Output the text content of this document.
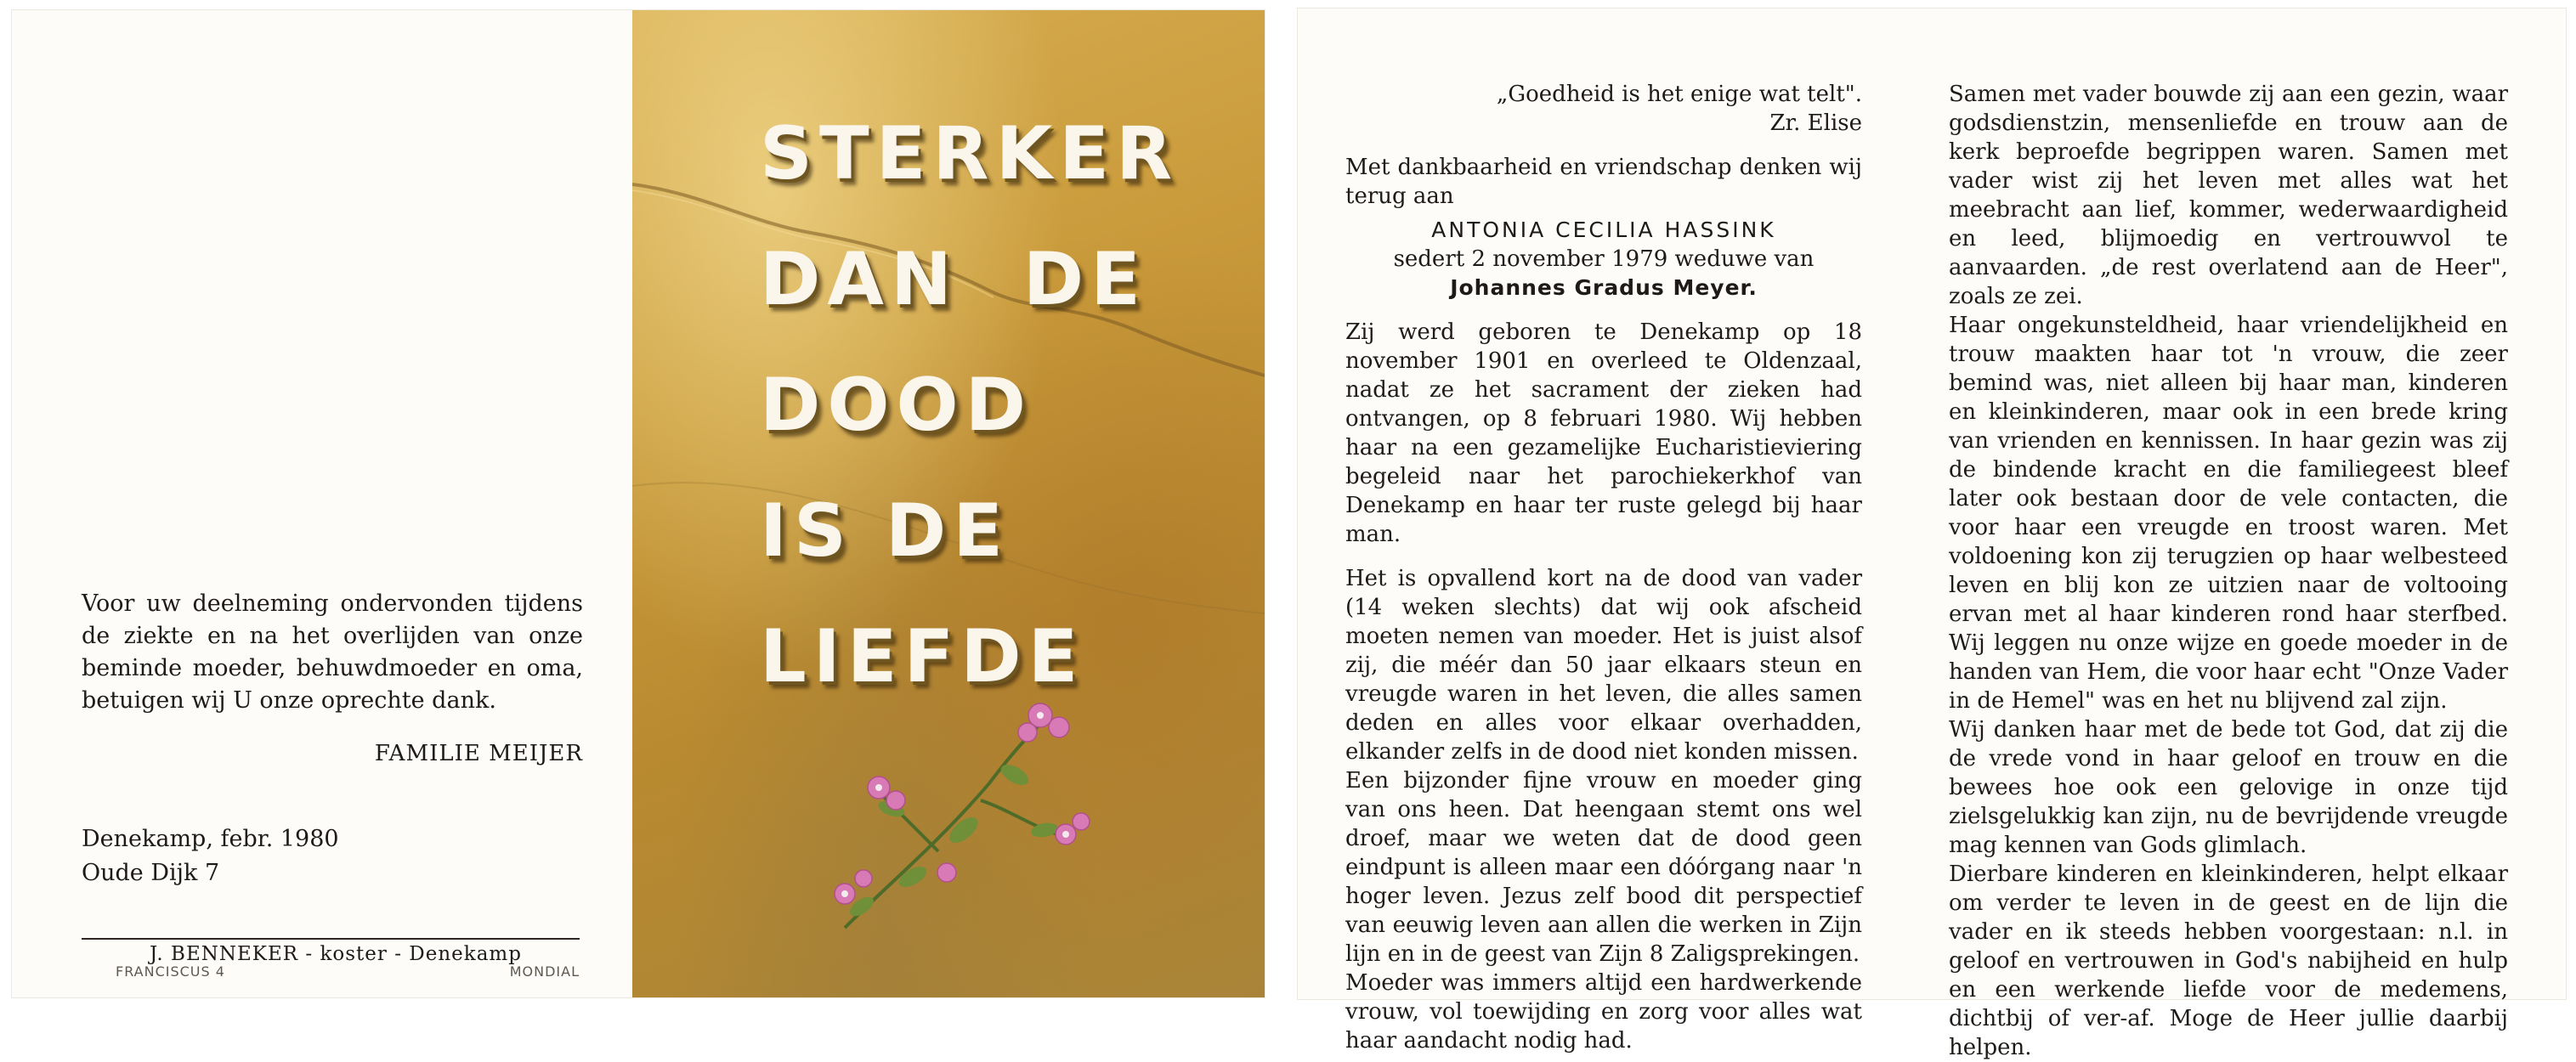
Voor uw deelneming ondervonden tijdens de ziekte en na het overlijden van onze beminde moeder, behuwdmoeder en oma, betuigen wij U onze oprechte dank.

FAMILIE MEIJER
Denekamp, febr. 1980
Oude Dijk 7
FRANCISCUS 4
J. BENNEKER - koster - Denekamp
MONDIAL
STERKER
DAN  DE
DOOD
IS DE
LIEFDE
„Goedheid is het enige wat telt".
Zr. Elise

Met dankbaarheid en vriendschap denken wij terug aan

ANTONIA CECILIA HASSINK
sedert 2 november 1979 weduwe van
Johannes Gradus Meyer.

Zij werd geboren te Denekamp op 18 november 1901 en overleed te Oldenzaal, nadat ze het sacrament der zieken had ontvangen, op 8 februari 1980. Wij hebben haar na een gezamelijke Eucharistieviering begeleid naar het parochiekerkhof van Denekamp en haar ter ruste gelegd bij haar man.

Het is opvallend kort na de dood van vader (14 weken slechts) dat wij ook afscheid moeten nemen van moeder. Het is juist alsof zij, die méér dan 50 jaar elkaars steun en vreugde waren in het leven, die alles samen deden en alles voor elkaar overhadden, elkander zelfs in de dood niet konden missen.

Een bijzonder fijne vrouw en moeder ging van ons heen. Dat heengaan stemt ons wel droef, maar we weten dat de dood geen eindpunt is alleen maar een dóórgang naar 'n hoger leven. Jezus zelf bood dit perspectief van eeuwig leven aan allen die werken in Zijn lijn en in de geest van Zijn 8 Zaligsprekingen.

Moeder was immers altijd een hardwerkende vrouw, vol toewijding en zorg voor alles wat haar aandacht nodig had.

Samen met vader bouwde zij aan een gezin, waar godsdienstzin, mensenliefde en trouw aan de kerk beproefde begrippen waren. Samen met vader wist zij het leven met alles wat het meebracht aan lief, kommer, wederwaardigheid en leed, blijmoedig en vertrouwvol te aanvaarden. „de rest overlatend aan de Heer", zoals ze zei.

Haar ongekunsteldheid, haar vriendelijkheid en trouw maakten haar tot 'n vrouw, die zeer bemind was, niet alleen bij haar man, kinderen en kleinkinderen, maar ook in een brede kring van vrienden en kennissen. In haar gezin was zij de bindende kracht en die familiegeest bleef later ook bestaan door de vele contacten, die voor haar een vreugde en troost waren. Met voldoening kon zij terugzien op haar welbesteed leven en blij kon ze uitzien naar de voltooing ervan met al haar kinderen rond haar sterfbed. Wij leggen nu onze wijze en goede moeder in de handen van Hem, die voor haar echt "Onze Vader in de Hemel" was en het nu blijvend zal zijn.

Wij danken haar met de bede tot God, dat zij die de vrede vond in haar geloof en trouw en die bewees hoe ook een gelovige in onze tijd zielsgelukkig kan zijn, nu de bevrijdende vreugde mag kennen van Gods glimlach.

Dierbare kinderen en kleinkinderen, helpt elkaar om verder te leven in de geest en de lijn die vader en ik steeds hebben voorgestaan: n.l. in geloof en vertrouwen in God's nabijheid en hulp en een werkende liefde voor de medemens, dichtbij of ver-af. Moge de Heer jullie daarbij helpen.
